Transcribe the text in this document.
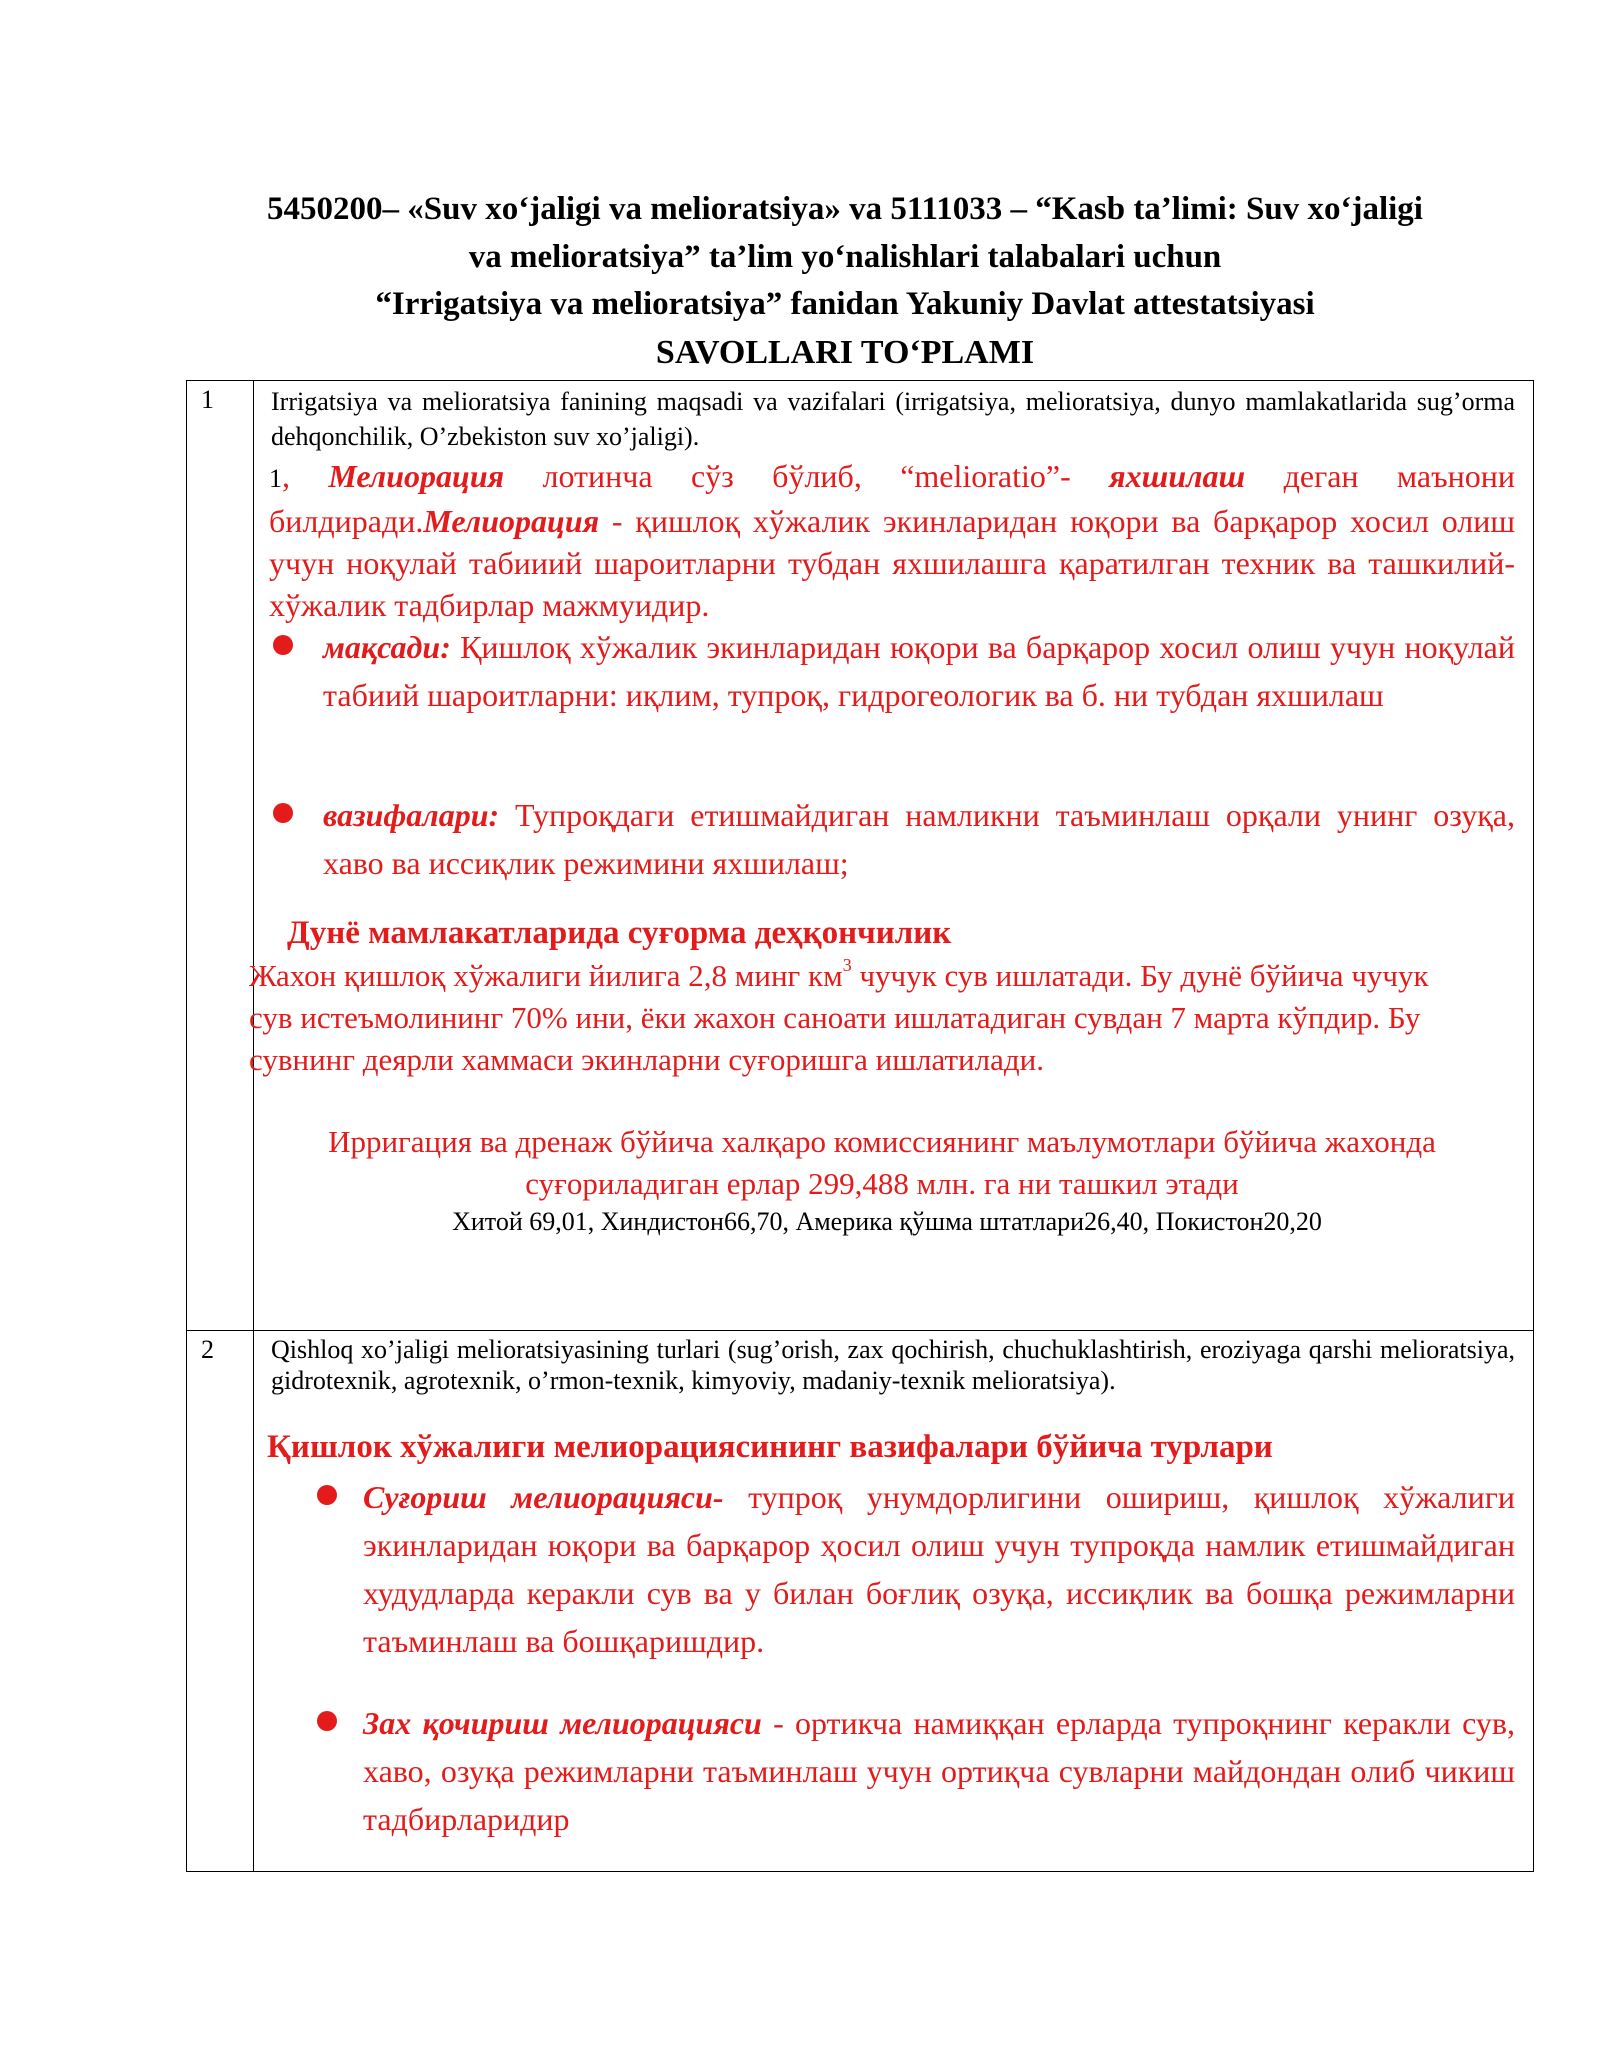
5450200– «Suv xo‘jaligi va melioratsiya» va 5111033 – “Kasb ta’limi: Suv xo‘jaligi
va melioratsiya” ta’lim yo‘nalishlari talabalari uchun
“Irrigatsiya va melioratsiya” fanidan Yakuniy Davlat attestatsiyasi
SAVOLLARI TO‘PLAMI
1 Irrigatsiya va melioratsiya fanining maqsadi va vazifalari (irrigatsiya, melioratsiya, dunyo mamlakatlarida sug’orma dehqonchilik, O’zbekiston suv xo’jaligi).
1, Мелиорация лотинча сўз бўлиб, “melioratio”- яхшилаш деган маънони билдиради.Мелиорация - қишлоқ хўжалик экинларидан юқори ва барқарор хосил олиш учун ноқулай табииий шароитларни тубдан яхшилашга қаратилган техник ва ташкилий-хўжалик тадбирлар мажмуидир.
мақсади: Қишлоқ хўжалик экинларидан юқори ва барқарор хосил олиш учун ноқулай табиий шароитларни: иқлим, тупроқ, гидрогеологик ва б. ни тубдан яхшилаш
вазифалари: Тупроқдаги етишмайдиган намликни таъминлаш орқали унинг озуқа, хаво ва иссиқлик режимини яхшилаш;
Дунё мамлакатларида суғорма деҳқончилик
Жахон қишлоқ хўжалиги йилига 2,8 минг $км^3$ чучук сув ишлатади. Бу дунё бўйича чучук сув истеъмолининг 70% ини, ёки жахон саноати ишлатадиган сувдан 7 марта кўпдир. Бу сувнинг деярли хаммаси экинларни суғоришга ишлатилади.
Ирригация ва дренаж бўйича халқаро комиссиянинг маълумотлари бўйича жахонда суғориладиган ерлар 299,488 млн. га ни ташкил этади
Хитой 69,01, Хиндистон66,70, Америка қўшма штатлари26,40, Покистон20,20
2 Qishloq xo’jaligi melioratsiyasining turlari (sug’orish, zax qochirish, chuchuklashtirish, eroziyaga qarshi melioratsiya, gidrotexnik, agrotexnik, o’rmon-texnik, kimyoviy, madaniy-texnik melioratsiya).
Қишлок хўжалиги мелиорациясининг вазифалари бўйича турлари
Суғориш мелиорацияси- тупроқ унумдорлигини ошириш, қишлоқ хўжалиги экинларидан юқори ва барқарор ҳосил олиш учун тупроқда намлик етишмайдиган худудларда керакли сув ва у билан боғлиқ озуқа, иссиқлик ва бошқа режимларни таъминлаш ва бошқаришдир.
Зах қочириш мелиорацияси - ортикча намиққан ерларда тупроқнинг керакли сув, хаво, озуқа режимларни таъминлаш учун ортиқча сувларни майдондан олиб чикиш тадбирларидир
